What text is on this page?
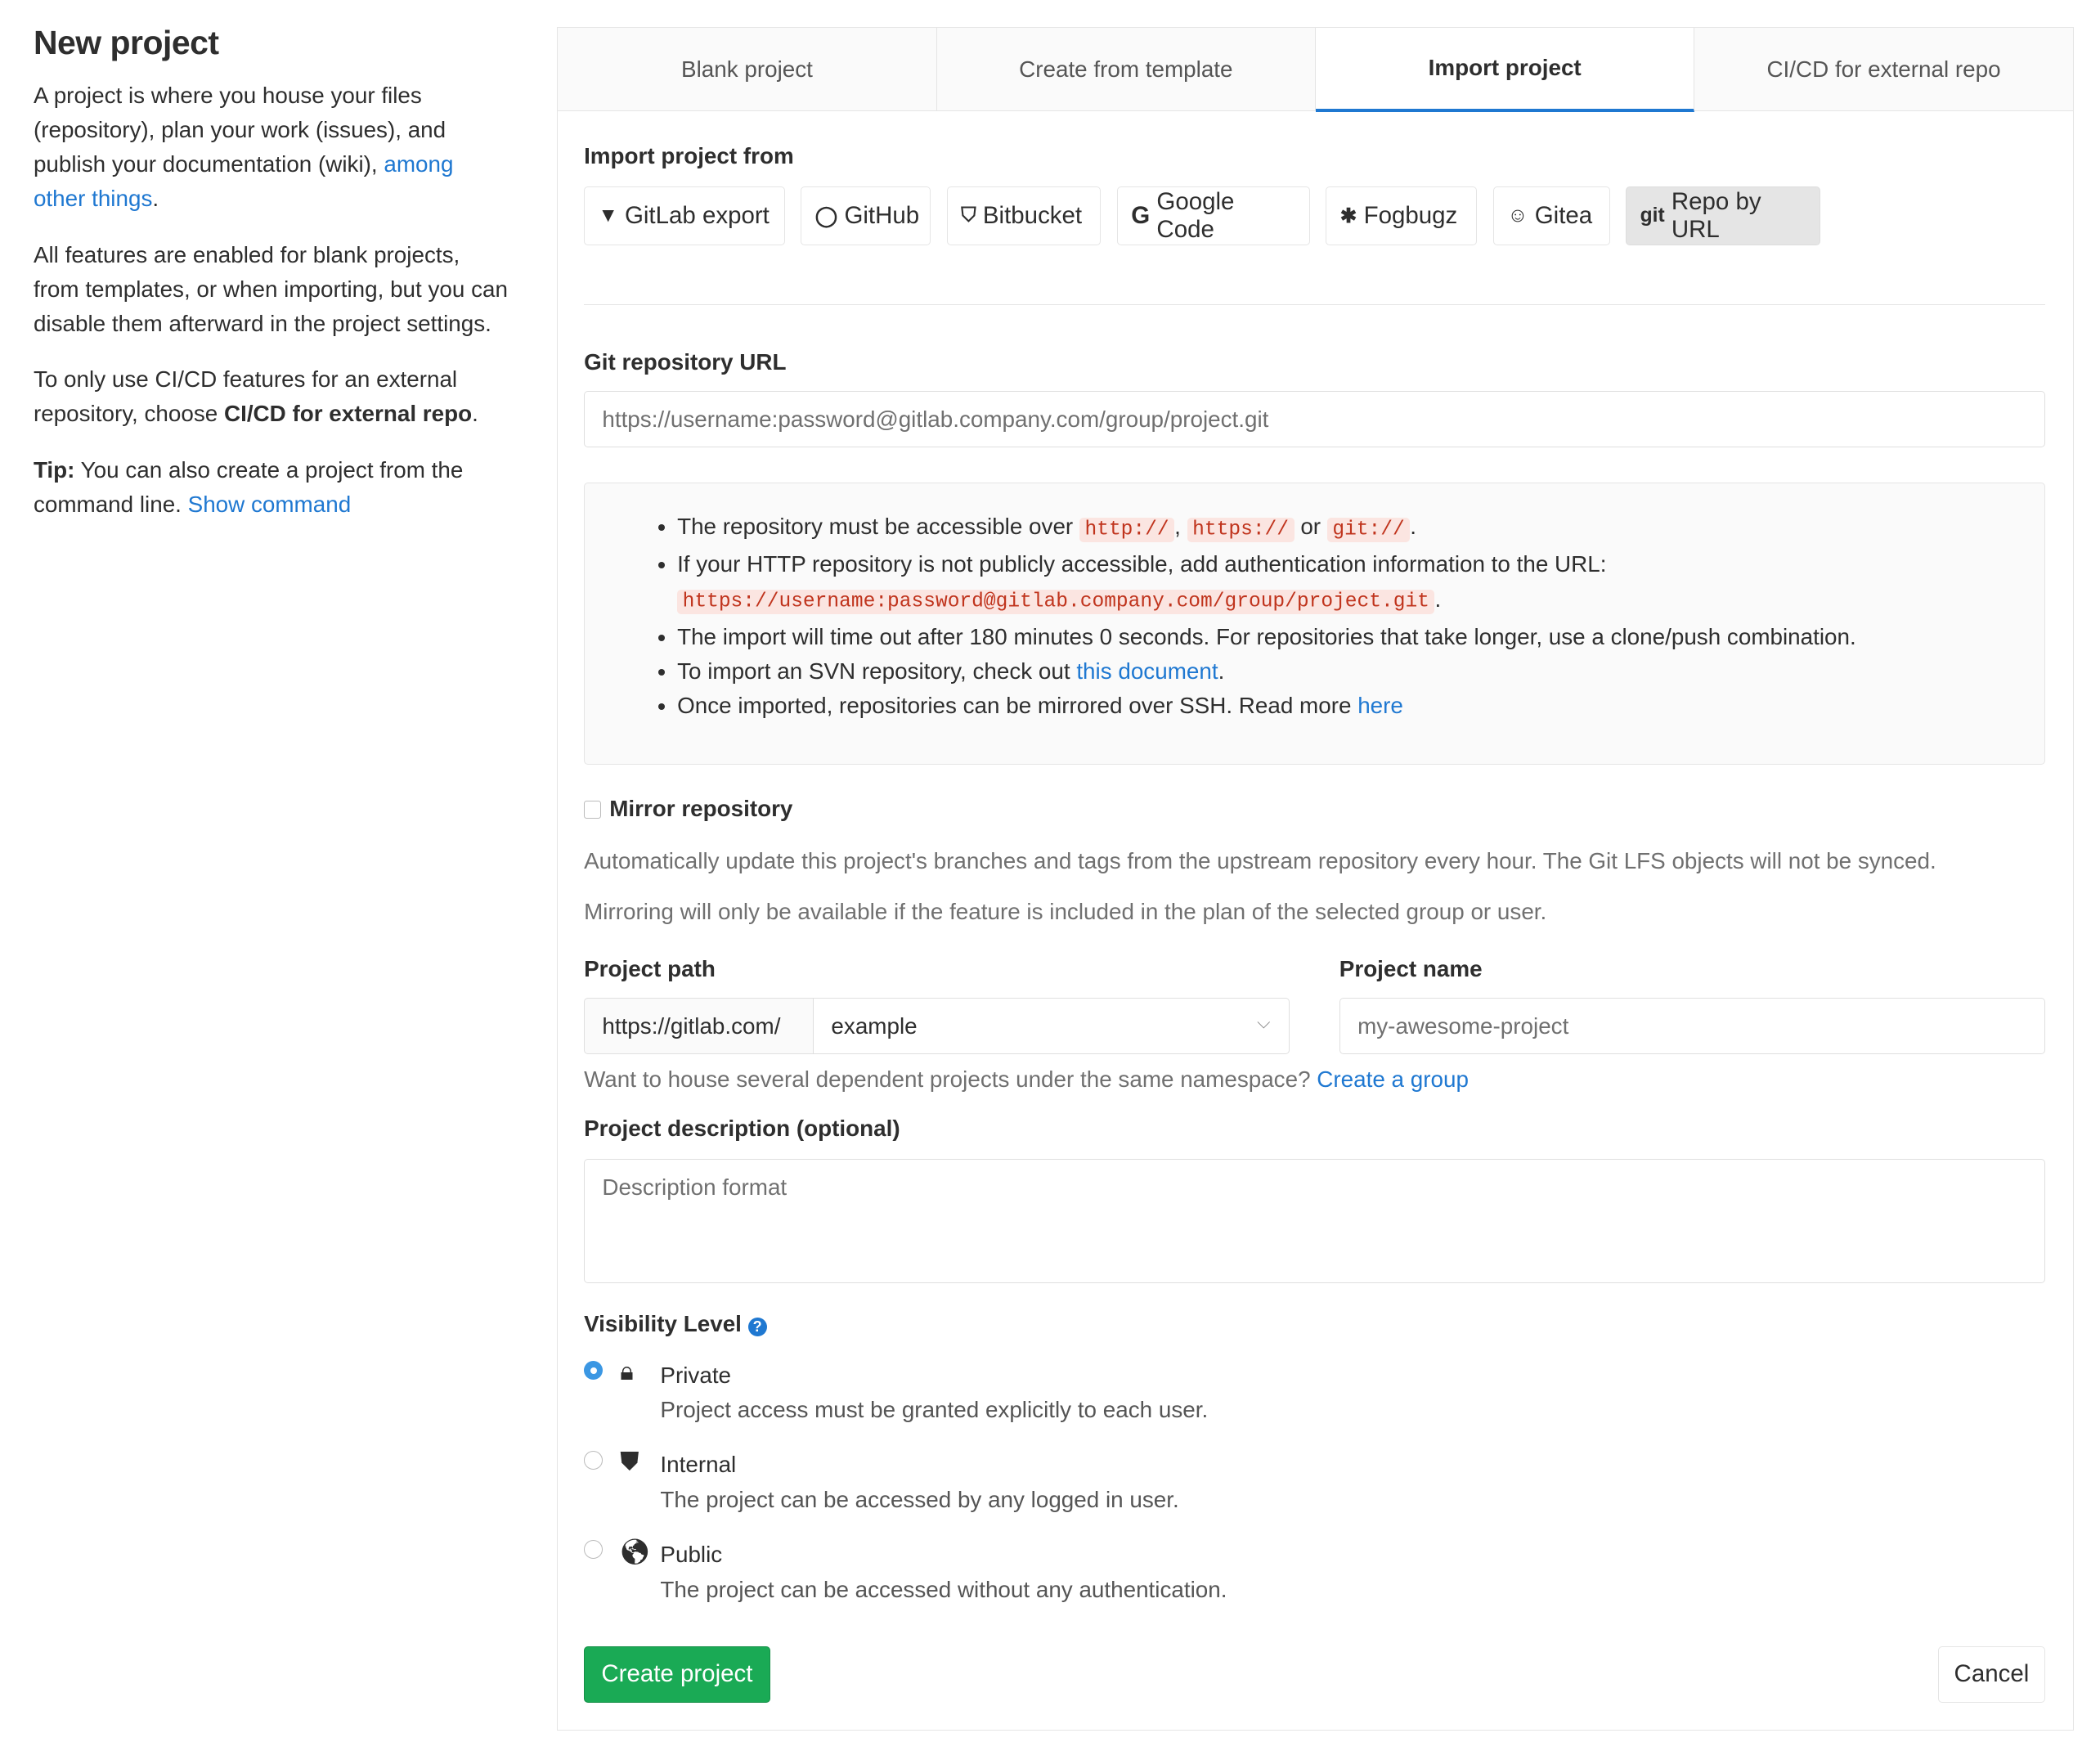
New project

A project is where you house your files (repository), plan your work (issues), and publish your documentation (wiki), among other things.

All features are enabled for blank projects, from templates, or when importing, but you can disable them afterward in the project settings.

To only use CI/CD features for an external repository, choose CI/CD for external repo.

Tip: You can also create a project from the command line. Show command

Blank project	Create from template	Import project	CI/CD for external repo
Import project from
▼ GitLab export	◯ GitHub	⛉ Bitbucket	G
Google Code	✱ Fogbugz	☺ Gitea	git
Repo by URL
Git repository URL
https://username:password@gitlab.company.com/group/project.git
• The repository must be accessible over http:// , https:// or git:// .
• If your HTTP repository is not publicly accessible, add authentication information to the URL:
https://username:password@gitlab.company.com/group/project.git .
• The import will time out after 180 minutes 0 seconds. For repositories that take longer, use a clone/push combination.
• To import an SVN repository, check out this document.
• Once imported, repositories can be mirrored over SSH. Read more here
Mirror repository
Automatically update this project's branches and tags from the upstream repository every hour. The Git LFS objects will not be synced.
Mirroring will only be available if the feature is included in the plan of the selected group or user.
Project path
https://gitlab.com/	example	⌵
Project name
my-awesome-project
Want to house several dependent projects under the same namespace? Create a group
Project description (optional)
Description format
Visibility Level ?
🔒︎ Private
Project access must be granted explicitly to each user.
⛊ Internal
The project can be accessed by any logged in user.
🌎︎ Public
The project can be accessed without any authentication.
Create project	Cancel
